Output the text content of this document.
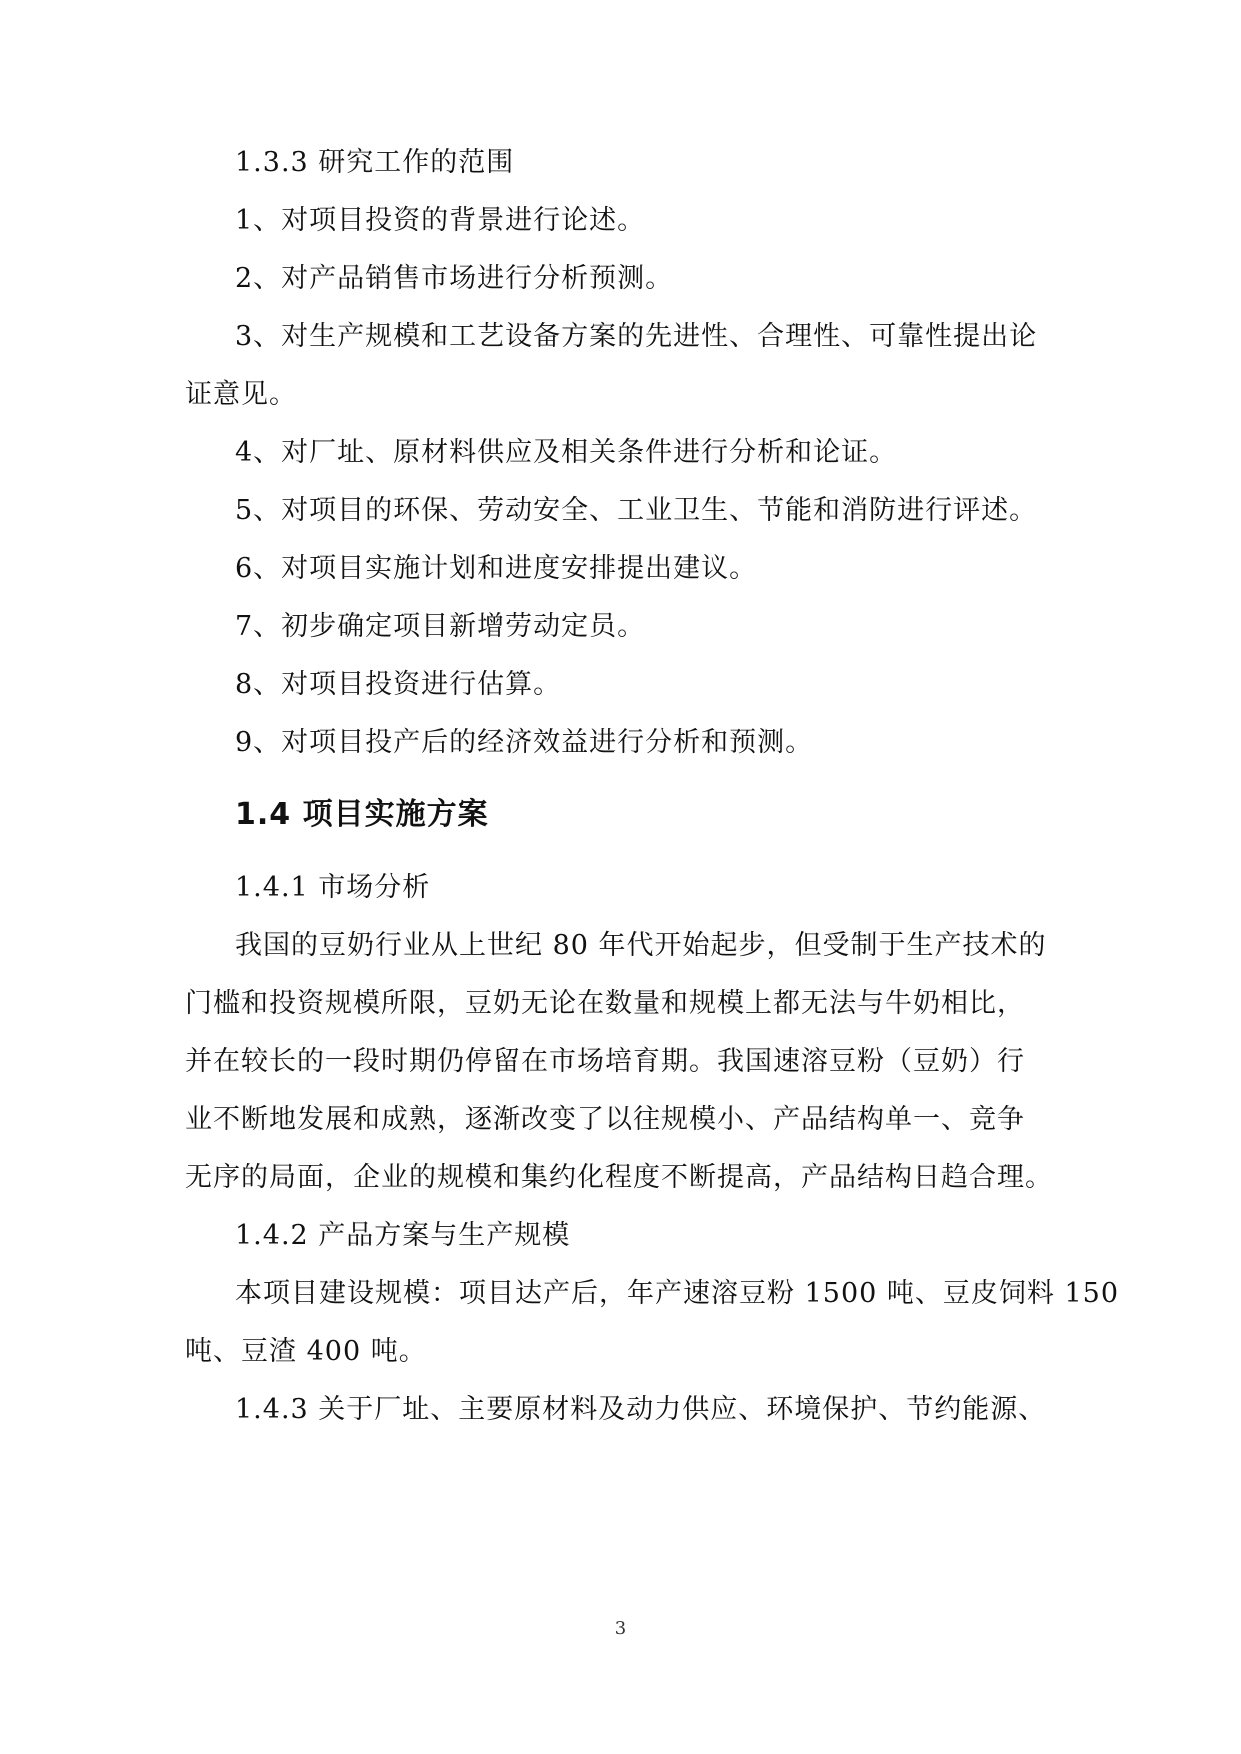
1.3.3 研究工作的范围
1、对项目投资的背景进行论述。
2、对产品销售市场进行分析预测。
3、对生产规模和工艺设备方案的先进性、合理性、可靠性提出论
证意见。
4、对厂址、原材料供应及相关条件进行分析和论证。
5、对项目的环保、劳动安全、工业卫生、节能和消防进行评述。
6、对项目实施计划和进度安排提出建议。
7、初步确定项目新增劳动定员。
8、对项目投资进行估算。
9、对项目投产后的经济效益进行分析和预测。
1.4 项目实施方案
1.4.1 市场分析
我国的豆奶行业从上世纪 80 年代开始起步，但受制于生产技术的
门槛和投资规模所限，豆奶无论在数量和规模上都无法与牛奶相比，
并在较长的一段时期仍停留在市场培育期。我国速溶豆粉（豆奶）行
业不断地发展和成熟，逐渐改变了以往规模小、产品结构单一、竞争
无序的局面，企业的规模和集约化程度不断提高，产品结构日趋合理。
1.4.2 产品方案与生产规模
本项目建设规模：项目达产后，年产速溶豆粉 1500 吨、豆皮饲料 150
吨、豆渣 400 吨。
1.4.3 关于厂址、主要原材料及动力供应、环境保护、节约能源、
3
